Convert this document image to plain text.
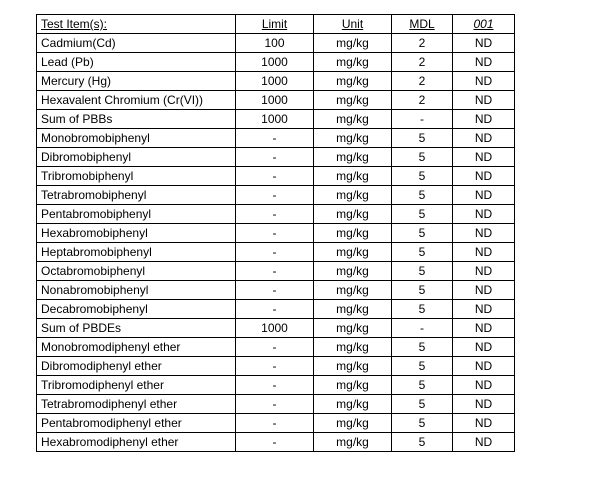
Test Item(s):	Limit	Unit	MDL	001
Cadmium(Cd)	100	mg/kg	2	ND
Lead (Pb)	1000	mg/kg	2	ND
Mercury (Hg)	1000	mg/kg	2	ND
Hexavalent Chromium (Cr(VI))	1000	mg/kg	2	ND
Sum of PBBs	1000	mg/kg	-	ND
Monobromobiphenyl	-	mg/kg	5	ND
Dibromobiphenyl	-	mg/kg	5	ND
Tribromobiphenyl	-	mg/kg	5	ND
Tetrabromobiphenyl	-	mg/kg	5	ND
Pentabromobiphenyl	-	mg/kg	5	ND
Hexabromobiphenyl	-	mg/kg	5	ND
Heptabromobiphenyl	-	mg/kg	5	ND
Octabromobiphenyl	-	mg/kg	5	ND
Nonabromobiphenyl	-	mg/kg	5	ND
Decabromobiphenyl	-	mg/kg	5	ND
Sum of PBDEs	1000	mg/kg	-	ND
Monobromodiphenyl ether	-	mg/kg	5	ND
Dibromodiphenyl ether	-	mg/kg	5	ND
Tribromodiphenyl ether	-	mg/kg	5	ND
Tetrabromodiphenyl ether	-	mg/kg	5	ND
Pentabromodiphenyl ether	-	mg/kg	5	ND
Hexabromodiphenyl ether	-	mg/kg	5	ND
